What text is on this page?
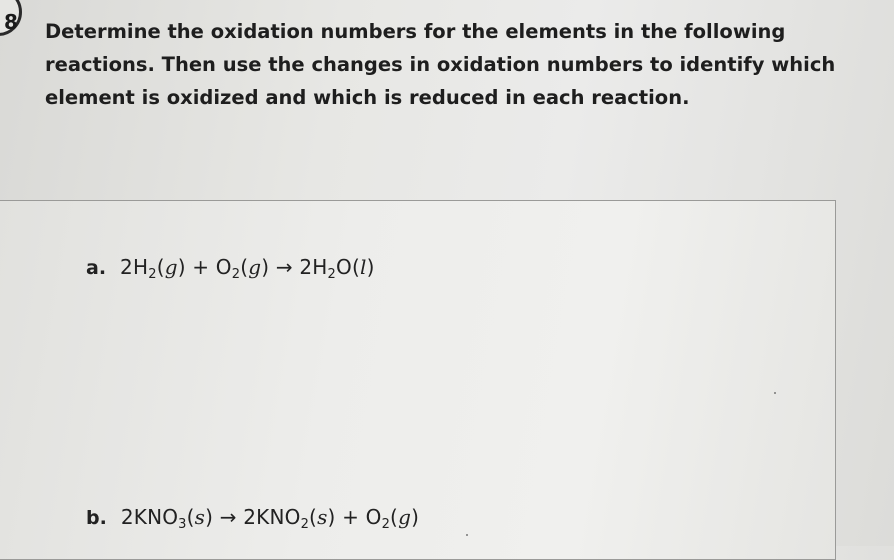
8 Determine the oxidation numbers for the elements in the following reactions. Then use the changes in oxidation numbers to identify which element is oxidized and which is reduced in each reaction.

a. $2H_2(g) + O_2(g) \to 2H_2O(l)$
b. $2KNO_3(s) \to 2KNO_2(s) + O_2(g)$
